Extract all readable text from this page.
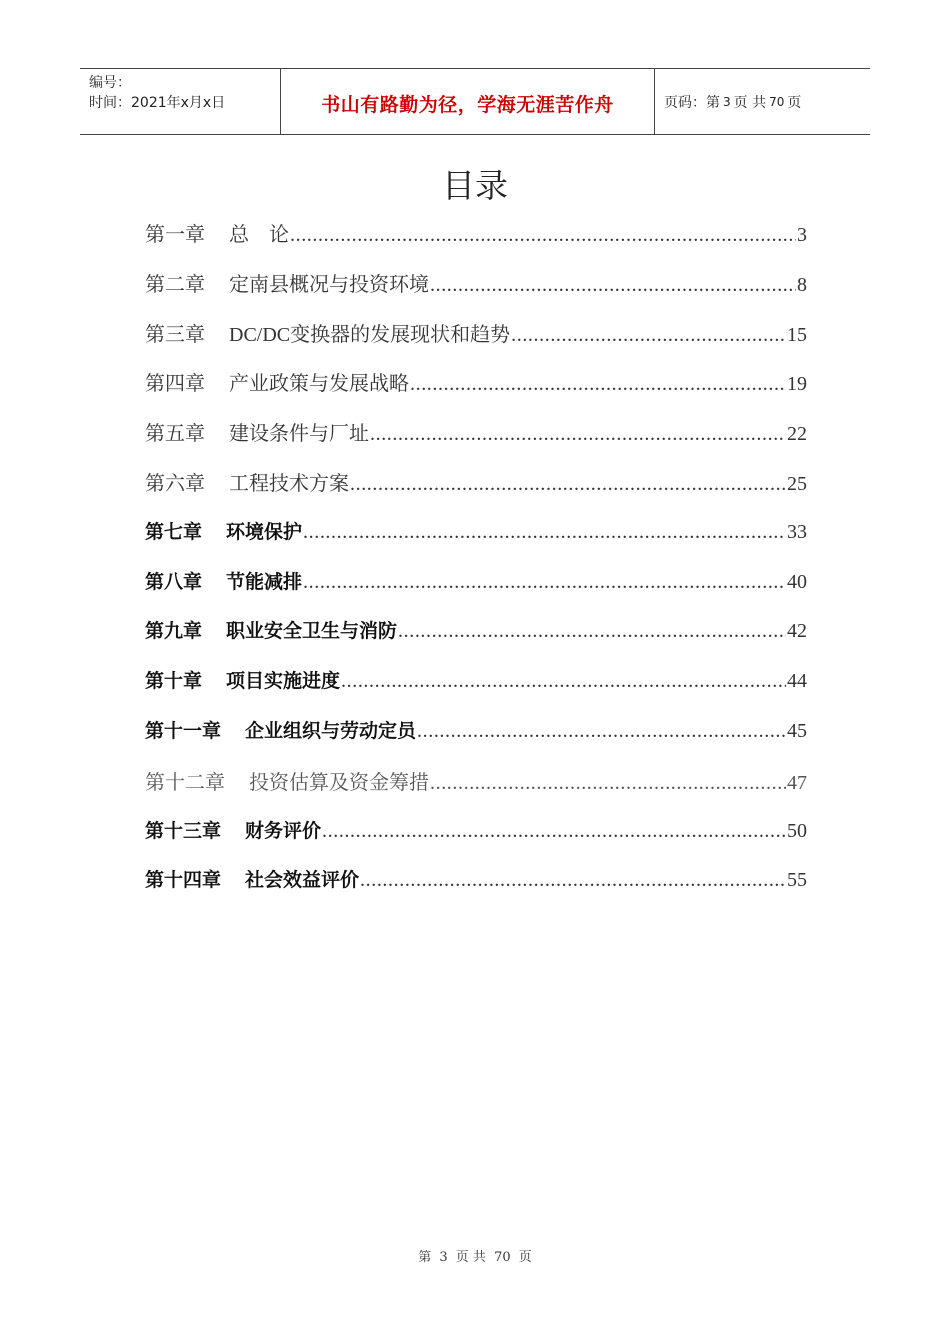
编号：
时间：2021年x月x日	书山有路勤为径，学海无涯苦作舟	页码：第 3 页 共 70 页
目录
第一章 总    论 .....	3
第二章 定南县概况与投资环境 .....	8
第三章 DC/DC变换器的发展现状和趋势 .....	15
第四章 产业政策与发展战略 .....	19
第五章 建设条件与厂址 .....	22
第六章 工程技术方案 .....	25
第七章 环境保护 .....	33
第八章 节能减排 .....	40
第九章 职业安全卫生与消防 .....	42
第十章 项目实施进度 .....	44
第十一章 企业组织与劳动定员 .....	45
第十二章 投资估算及资金筹措 .....	47
第十三章 财务评价 .....	50
第十四章 社会效益评价 .....	55
第 3 页 共 70 页
